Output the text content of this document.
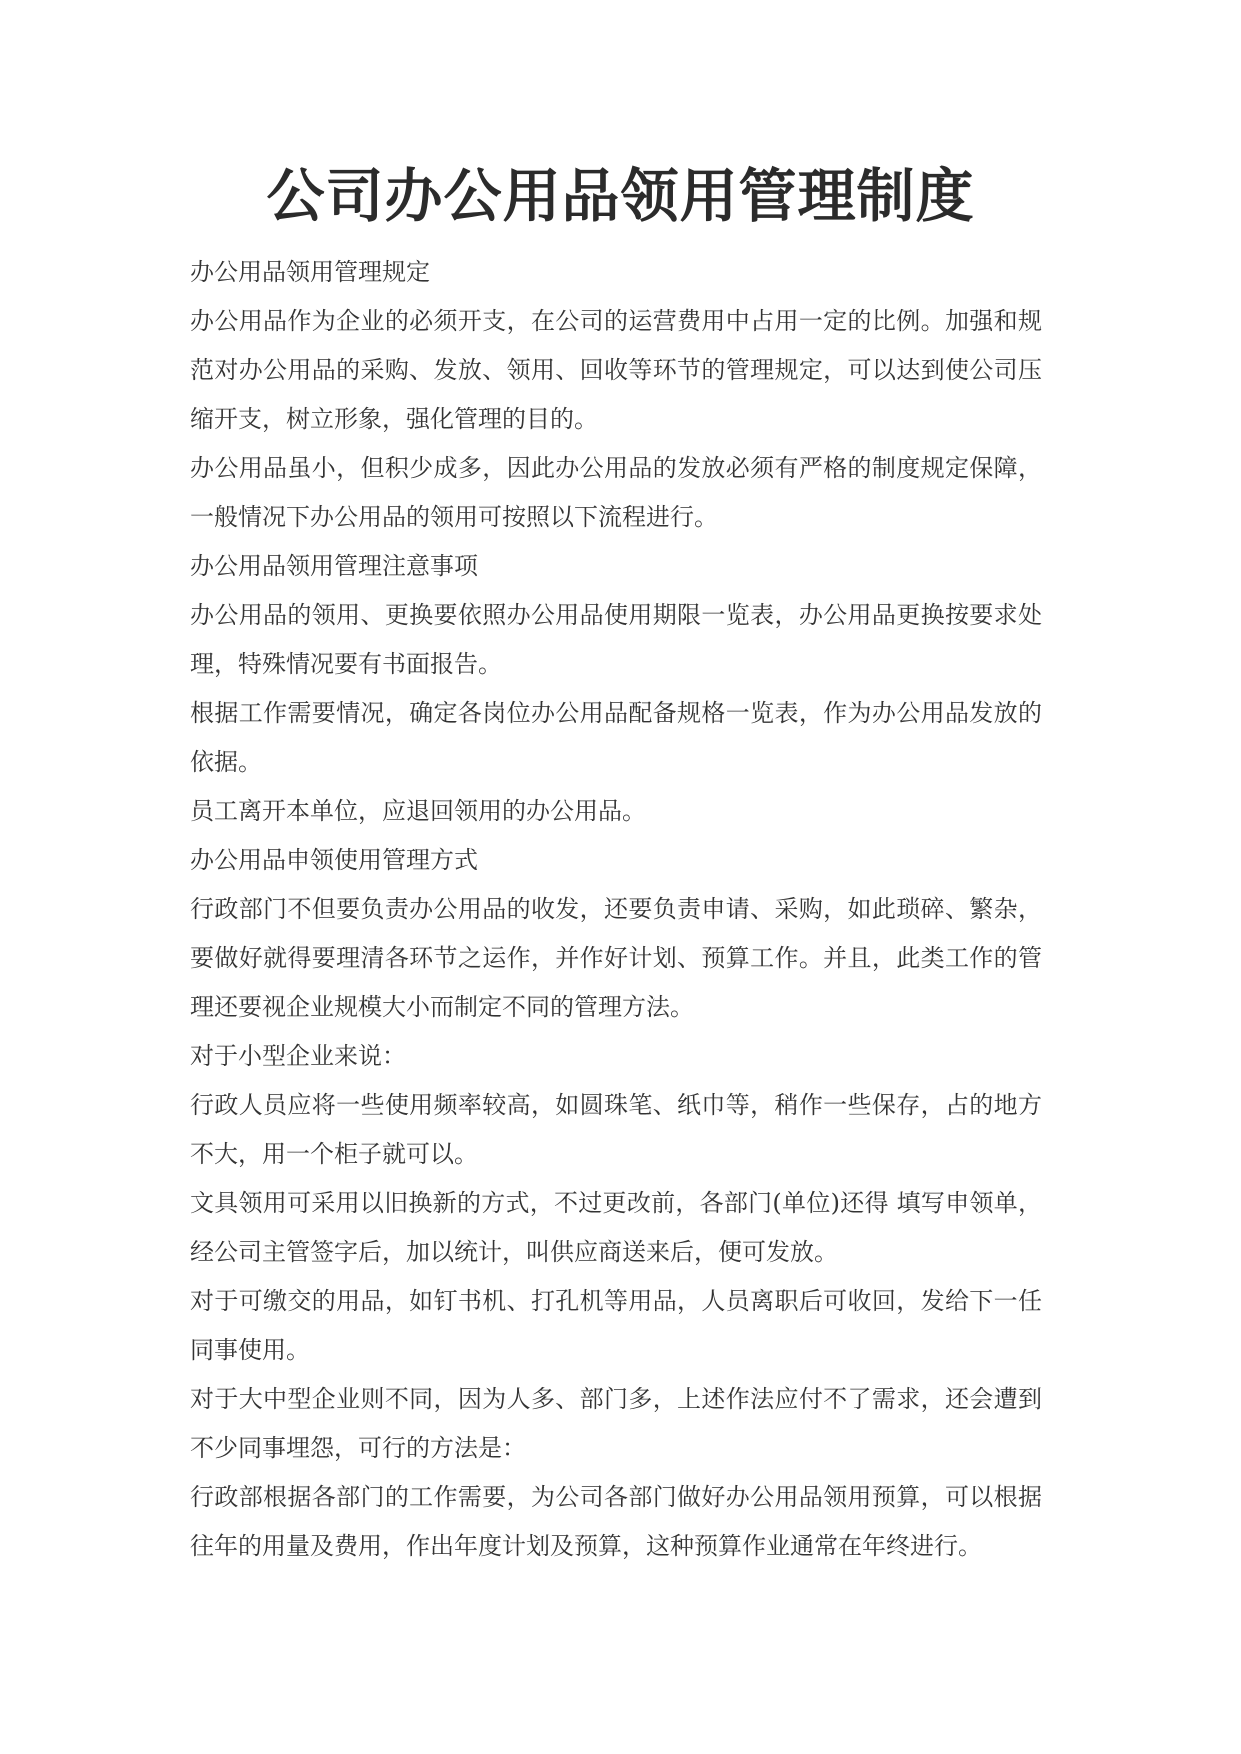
公司办公用品领用管理制度

办公用品领用管理规定

办公用品作为企业的必须开支，在公司的运营费用中占用一定的比例。加强和规范对办公用品的采购、发放、领用、回收等环节的管理规定，可以达到使公司压缩开支，树立形象，强化管理的目的。

办公用品虽小，但积少成多，因此办公用品的发放必须有严格的制度规定保障，一般情况下办公用品的领用可按照以下流程进行。

办公用品领用管理注意事项

办公用品的领用、更换要依照办公用品使用期限一览表，办公用品更换按要求处理，特殊情况要有书面报告。

根据工作需要情况，确定各岗位办公用品配备规格一览表，作为办公用品发放的依据。

员工离开本单位，应退回领用的办公用品。

办公用品申领使用管理方式

行政部门不但要负责办公用品的收发，还要负责申请、采购，如此琐碎、繁杂，要做好就得要理清各环节之运作，并作好计划、预算工作。并且，此类工作的管理还要视企业规模大小而制定不同的管理方法。

对于小型企业来说：

行政人员应将一些使用频率较高，如圆珠笔、纸巾等，稍作一些保存，占的地方不大，用一个柜子就可以。

文具领用可采用以旧换新的方式，不过更改前，各部门(单位)还得 填写申领单，经公司主管签字后，加以统计，叫供应商送来后，便可发放。

对于可缴交的用品，如钉书机、打孔机等用品，人员离职后可收回，发给下一任同事使用。

对于大中型企业则不同，因为人多、部门多，上述作法应付不了需求，还会遭到不少同事埋怨，可行的方法是：

行政部根据各部门的工作需要，为公司各部门做好办公用品领用预算，可以根据往年的用量及费用，作出年度计划及预算，这种预算作业通常在年终进行。
